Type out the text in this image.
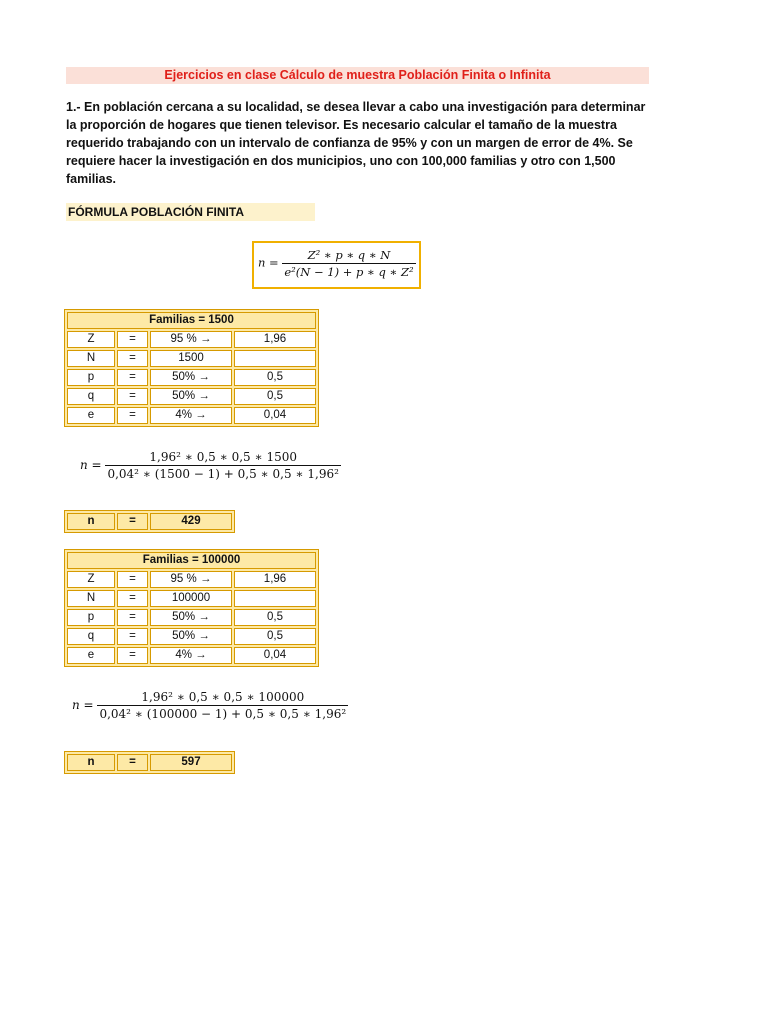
Ejercicios en clase Cálculo de muestra Población Finita o Infinita
1.- En población cercana a su localidad, se desea llevar a cabo una investigación para determinar la proporción de hogares que tienen televisor. Es necesario calcular el tamaño de la muestra requerido trabajando con un intervalo de confianza de 95% y con un margen de error de 4%. Se requiere hacer la investigación en dos municipios, uno con 100,000 familias y otro con 1,500 familias.
FÓRMULA POBLACIÓN FINITA
$n = \frac{\text{Z² ∗ p ∗ q ∗ N}}{\text{e²(N − 1) + p ∗ q ∗ Z²}}$
Familias = 1500			
Z	=	95 % →	1,96
N	=	1500	
p	=	50% →	0,5
q	=	50% →	0,5
e	=	4% →	0,04
$n = \frac{\text{1,96² ∗ 0,5 ∗ 0,5 ∗ 1500}}{\text{0,04² ∗ (1500 − 1) + 0,5 ∗ 0,5 ∗ 1,96²}}$
n	=	429
Familias = 100000			
Z	=	95 % →	1,96
N	=	100000	
p	=	50% →	0,5
q	=	50% →	0,5
e	=	4% →	0,04
$n = \frac{\text{1,96² ∗ 0,5 ∗ 0,5 ∗ 100000}}{\text{0,04² ∗ (100000 − 1) + 0,5 ∗ 0,5 ∗ 1,96²}}$
n	=	597
